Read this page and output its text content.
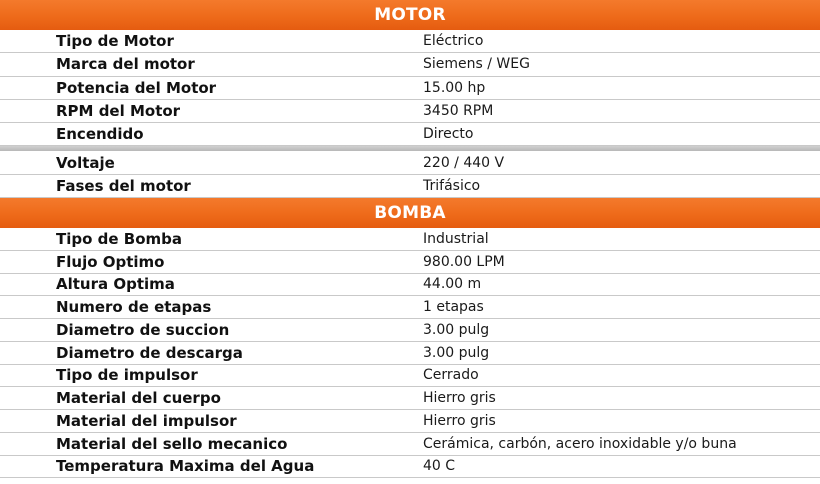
MOTOR
Tipo de Motor	Eléctrico
Marca del motor	Siemens / WEG
Potencia del Motor	15.00 hp
RPM del Motor	3450 RPM
Encendido	Directo
Voltaje	220 / 440 V
Fases del motor	Trifásico
BOMBA
Tipo de Bomba	Industrial
Flujo Optimo	980.00 LPM
Altura Optima	44.00 m
Numero de etapas	1 etapas
Diametro de succion	3.00 pulg
Diametro de descarga	3.00 pulg
Tipo de impulsor	Cerrado
Material del cuerpo	Hierro gris
Material del impulsor	Hierro gris
Material del sello mecanico	Cerámica, carbón, acero inoxidable y/o buna
Temperatura Maxima del Agua	40 C
